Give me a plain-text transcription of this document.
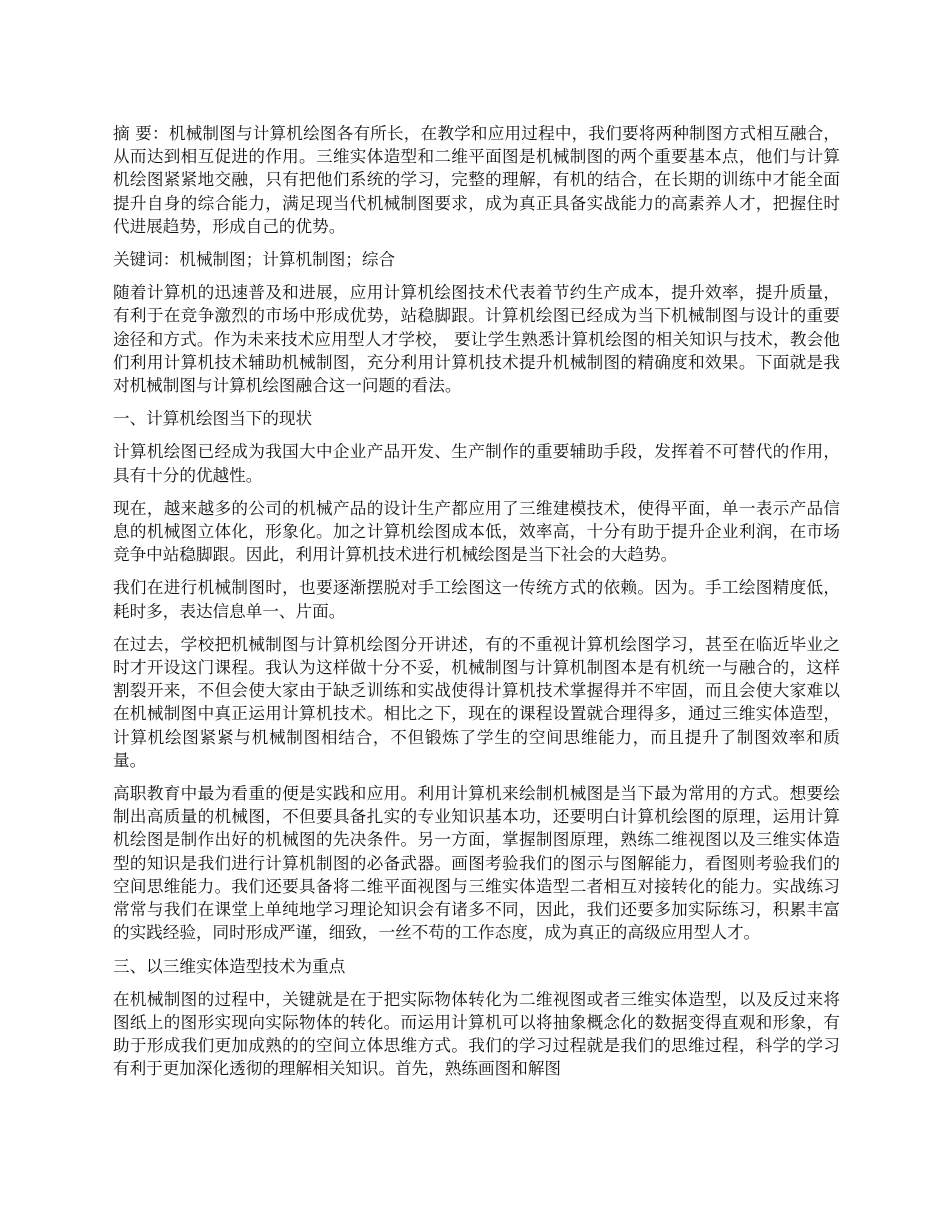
摘 要：机械制图与计算机绘图各有所长，在教学和应用过程中，我们要将两种制图方式相互融合，从而达到相互促进的作用。三维实体造型和二维平面图是机械制图的两个重要基本点，他们与计算机绘图紧紧地交融，只有把他们系统的学习，完整的理解，有机的结合，在长期的训练中才能全面提升自身的综合能力，满足现当代机械制图要求，成为真正具备实战能力的高素养人才，把握住时代进展趋势，形成自己的优势。

关键词：机械制图；计算机制图；综合

随着计算机的迅速普及和进展，应用计算机绘图技术代表着节约生产成本，提升效率，提升质量，有利于在竞争激烈的市场中形成优势，站稳脚跟。计算机绘图已经成为当下机械制图与设计的重要途径和方式。作为未来技术应用型人才学校， 要让学生熟悉计算机绘图的相关知识与技术，教会他们利用计算机技术辅助机械制图，充分利用计算机技术提升机械制图的精确度和效果。下面就是我对机械制图与计算机绘图融合这一问题的看法。

一、计算机绘图当下的现状

计算机绘图已经成为我国大中企业产品开发、生产制作的重要辅助手段，发挥着不可替代的作用，具有十分的优越性。

现在，越来越多的公司的机械产品的设计生产都应用了三维建模技术，使得平面，单一表示产品信息的机械图立体化，形象化。加之计算机绘图成本低，效率高，十分有助于提升企业利润，在市场竞争中站稳脚跟。因此，利用计算机技术进行机械绘图是当下社会的大趋势。

我们在进行机械制图时，也要逐渐摆脱对手工绘图这一传统方式的依赖。因为。手工绘图精度低，耗时多，表达信息单一、片面。

在过去，学校把机械制图与计算机绘图分开讲述，有的不重视计算机绘图学习，甚至在临近毕业之时才开设这门课程。我认为这样做十分不妥，机械制图与计算机制图本是有机统一与融合的，这样割裂开来，不但会使大家由于缺乏训练和实战使得计算机技术掌握得并不牢固，而且会使大家难以在机械制图中真正运用计算机技术。相比之下，现在的课程设置就合理得多，通过三维实体造型，计算机绘图紧紧与机械制图相结合，不但锻炼了学生的空间思维能力，而且提升了制图效率和质量。

高职教育中最为看重的便是实践和应用。利用计算机来绘制机械图是当下最为常用的方式。想要绘制出高质量的机械图，不但要具备扎实的专业知识基本功，还要明白计算机绘图的原理，运用计算机绘图是制作出好的机械图的先决条件。另一方面，掌握制图原理，熟练二维视图以及三维实体造型的知识是我们进行计算机制图的必备武器。画图考验我们的图示与图解能力，看图则考验我们的空间思维能力。我们还要具备将二维平面视图与三维实体造型二者相互对接转化的能力。实战练习常常与我们在课堂上单纯地学习理论知识会有诸多不同，因此，我们还要多加实际练习，积累丰富的实践经验，同时形成严谨，细致，一丝不苟的工作态度，成为真正的高级应用型人才。

三、以三维实体造型技术为重点

在机械制图的过程中，关键就是在于把实际物体转化为二维视图或者三维实体造型，以及反过来将图纸上的图形实现向实际物体的转化。而运用计算机可以将抽象概念化的数据变得直观和形象，有助于形成我们更加成熟的的空间立体思维方式。我们的学习过程就是我们的思维过程，科学的学习有利于更加深化透彻的理解相关知识。首先，熟练画图和解图
